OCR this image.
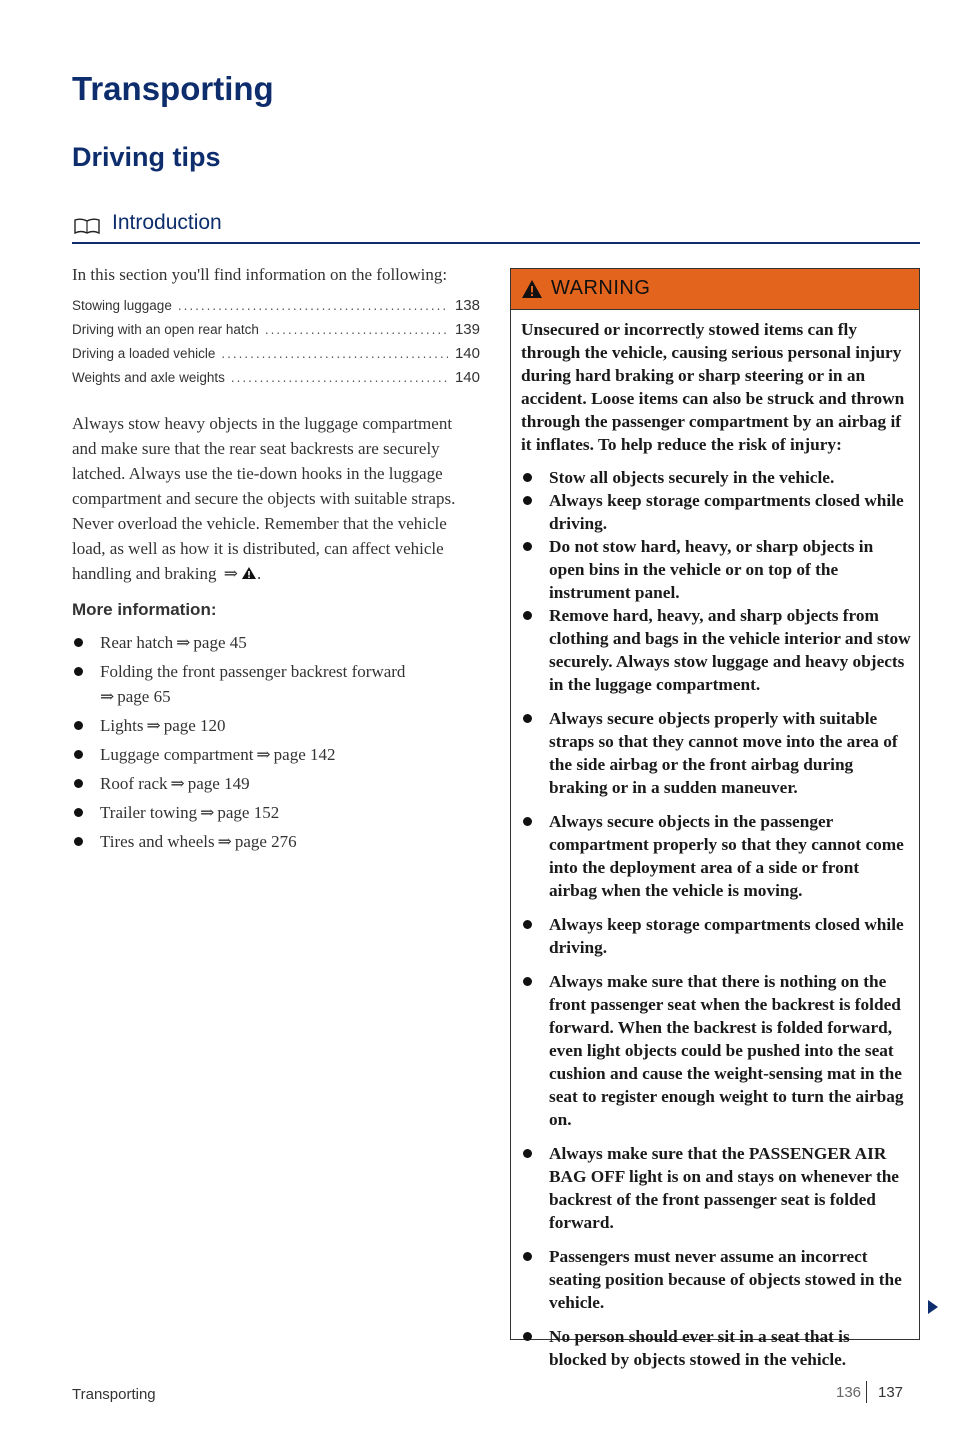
Transporting
Driving tips
Introduction

In this section you'll find information on the following:

Stowing luggage .....	138
Driving with an open rear hatch .....	139
Driving a loaded vehicle .....	140
Weights and axle weights .....	140

Always stow heavy objects in the luggage compartment and make sure that the rear seat backrests are securely latched. Always use the tie-down hooks in the luggage compartment and secure the objects with suitable straps. Never overload the vehicle. Remember that the vehicle load, as well as how it is distributed, can affect vehicle handling and braking ⇒ .

More information:
Rear hatch ⇒ page 45
Folding the front passenger backrest forward
⇒ page 65
Lights ⇒ page 120
Luggage compartment ⇒ page 142
Roof rack ⇒ page 149
Trailer towing ⇒ page 152
Tires and wheels ⇒ page 276
WARNING

Unsecured or incorrectly stowed items can fly through the vehicle, causing serious personal injury during hard braking or sharp steering or in an accident. Loose items can also be struck and thrown through the passenger compartment by an airbag if it inflates. To help reduce the risk of injury:

Stow all objects securely in the vehicle.
Always keep storage compartments closed while driving.
Do not stow hard, heavy, or sharp objects in open bins in the vehicle or on top of the instrument panel.
Remove hard, heavy, and sharp objects from clothing and bags in the vehicle interior and stow securely. Always stow luggage and heavy objects in the luggage compartment.
Always secure objects properly with suitable straps so that they cannot move into the area of the side airbag or the front airbag during braking or in a sudden maneuver.
Always secure objects in the passenger compartment properly so that they cannot come into the deployment area of a side or front airbag when the vehicle is moving.
Always keep storage compartments closed while driving.
Always make sure that there is nothing on the front passenger seat when the backrest is folded forward. When the backrest is folded forward, even light objects could be pushed into the seat cushion and cause the weight-sensing mat in the seat to register enough weight to turn the airbag on.
Always make sure that the PASSENGER AIR BAG OFF light is on and stays on whenever the backrest of the front passenger seat is folded forward.
Passengers must never assume an incorrect seating position because of objects stowed in the vehicle.
No person should ever sit in a seat that is blocked by objects stowed in the vehicle.
Transporting	136 137
